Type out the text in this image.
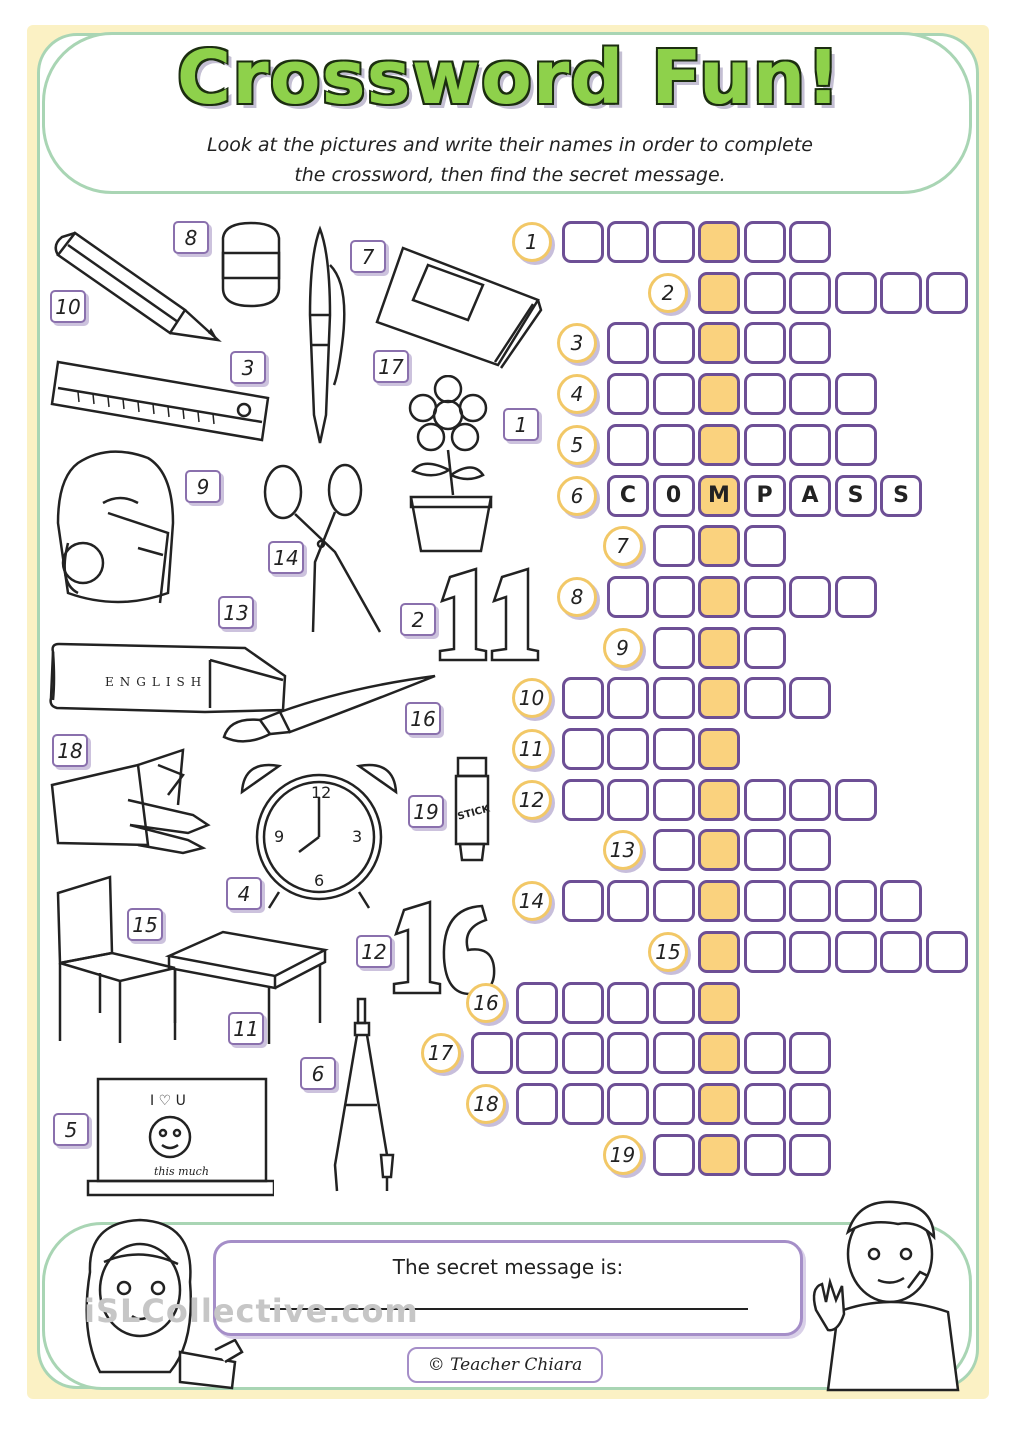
Crossword Fun!
Look at the pictures and write their names in order to complete
the crossword, then find the secret message.
ENGLISH
12
3
6
9
STICK
I ♡ U
this much
8
7
10
3	17
1
9
14
13	2
16
18
19
4
15
12
11
6
5
1
2
3
4
5
6	C	0	M	P	A	S	S
7
8
9
10
11
12
13
14
15
16
17
18
19
The secret message is:
iSLCollective.com
© Teacher Chiara
